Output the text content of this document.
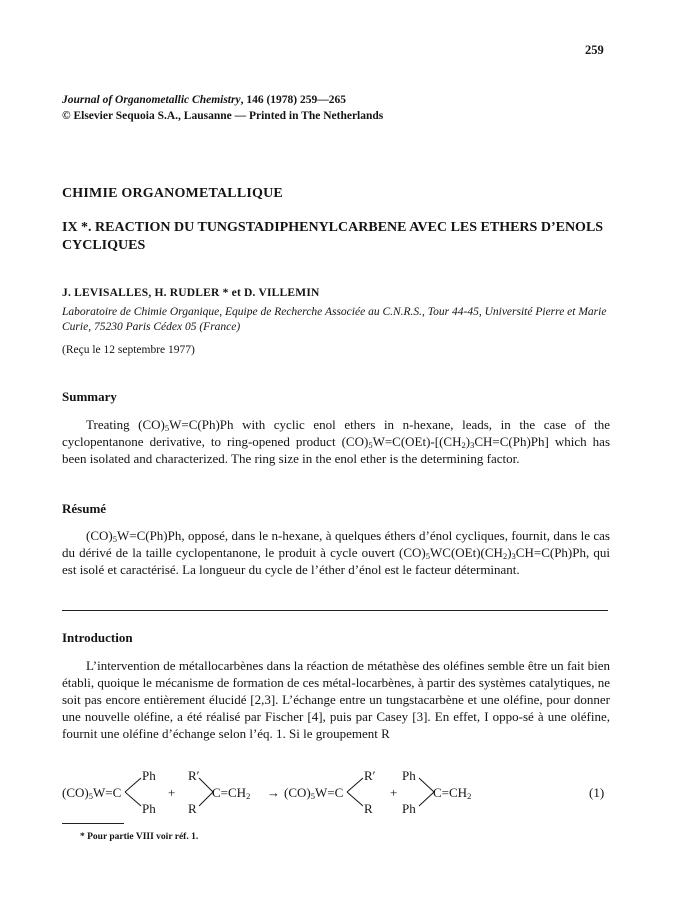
259
Journal of Organometallic Chemistry, 146 (1978) 259—265
© Elsevier Sequoia S.A., Lausanne — Printed in The Netherlands
CHIMIE ORGANOMETALLIQUE
IX *. REACTION DU TUNGSTADIPHENYLCARBENE AVEC LES ETHERS D’ENOLS CYCLIQUES
J. LEVISALLES, H. RUDLER * et D. VILLEMIN
Laboratoire de Chimie Organique, Equipe de Recherche Associée au C.N.R.S., Tour 44-45, Université Pierre et Marie Curie, 75230 Paris Cédex 05 (France)
(Reçu le 12 septembre 1977)
Summary
Treating $(CO)_5W=C(Ph)Ph$ with cyclic enol ethers in n-hexane, leads, in the case of the cyclopentanone derivative, to ring-opened product $(CO)_5W=C(OEt)-[(CH_2)_3CH=C(Ph)Ph]$ which has been isolated and characterized. The ring size in the enol ether is the determining factor.
Résumé
$(CO)_5W=C(Ph)Ph$, opposé, dans le n-hexane, à quelques éthers d’énol cycliques, fournit, dans le cas du dérivé de la taille cyclopentanone, le produit à cycle ouvert $(CO)_5WC(OEt)(CH_2)_3CH=C(Ph)Ph$, qui est isolé et caractérisé. La longueur du cycle de l’éther d’énol est le facteur déterminant.
Introduction
L’intervention de métallocarbènes dans la réaction de métathèse des oléfines semble être un fait bien établi, quoique le mécanisme de formation de ces métal-locarbènes, à partir des systèmes catalytiques, ne soit pas encore entièrement élucidé [2,3]. L’échange entre un tungstacarbène et une oléfine, pour donner une nouvelle oléfine, a été réalisé par Fischer [4], puis par Casey [3]. En effet, I oppo-sé à une oléfine, fournit une oléfine d’échange selon l’éq. 1. Si le groupement R
$(CO)_5W=C$
Ph
Ph
+
R′
R
$C=CH_2 \to (CO)_5W=C$
R′
R
+
Ph
Ph
$C=CH_2$	(1)
* Pour partie VIII voir réf. 1.
